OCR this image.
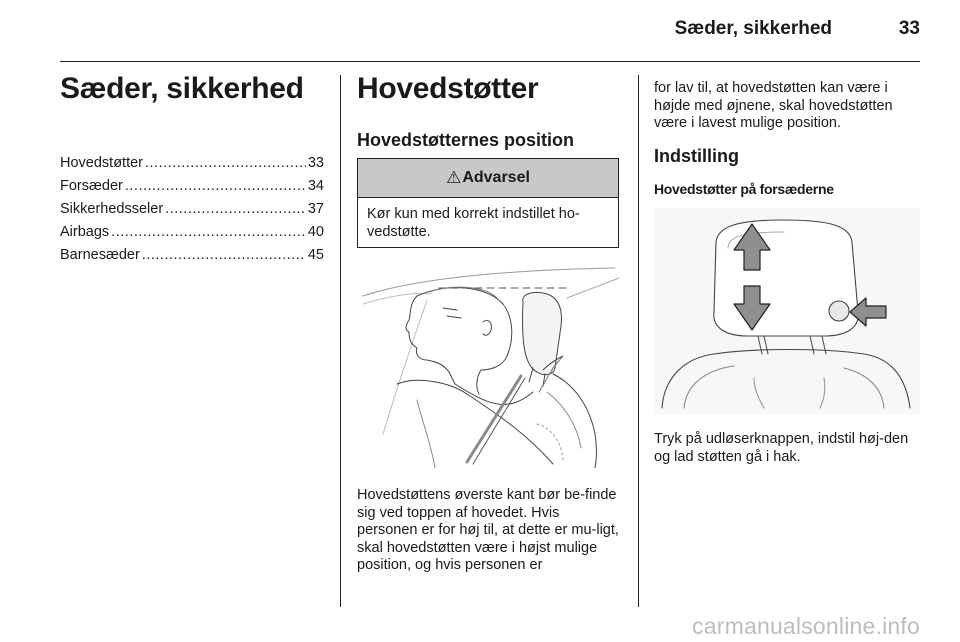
Sæder, sikkerhed	33
Sæder, sikkerhed
Hovedstøtter .....	33
Forsæder .....	34
Sikkerhedsseler .....	37
Airbags .....	40
Barnesæder .....	45
Hovedstøtter
Hovedstøtternes position
⚠ Advarsel
Kør kun med korrekt indstillet ho-vedstøtte.
Hovedstøttens øverste kant bør be-finde sig ved toppen af hovedet. Hvis personen er for høj til, at dette er mu-ligt, skal hovedstøtten være i højst mulige position, og hvis personen er
for lav til, at hovedstøtten kan være i højde med øjnene, skal hovedstøtten være i lavest mulige position.
Indstilling
Hovedstøtter på forsæderne
Tryk på udløserknappen, indstil høj-den og lad støtten gå i hak.
carmanualsonline.info
